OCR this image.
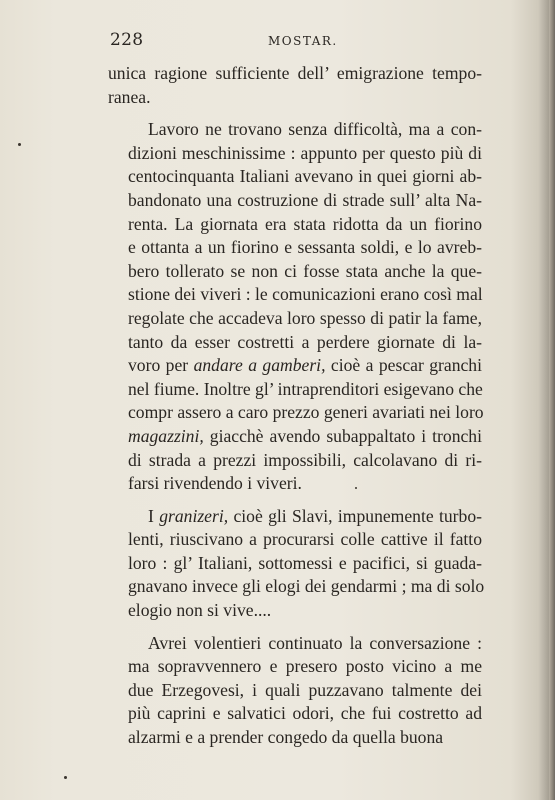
228	MOSTAR.
unica ragione sufficiente dell’ emigrazione tempo-
ranea.
Lavoro ne trovano senza difficoltà, ma a con-
dizioni meschinissime : appunto per questo più di
centocinquanta Italiani avevano in quei giorni ab-
bandonato una costruzione di strade sull’ alta Na-
renta. La giornata era stata ridotta da un fiorino
e ottanta a un fiorino e sessanta soldi, e lo avreb-
bero tollerato se non ci fosse stata anche la que-
stione dei viveri : le comunicazioni erano così mal
regolate che accadeva loro spesso di patir la fame,
tanto da esser costretti a perdere giornate di la-
voro per andare a gamberi, cioè a pescar granchi
nel fiume. Inoltre gl’ intraprenditori esigevano che
compr assero a caro prezzo generi avariati nei loro
magazzini, giacchè avendo subappaltato i tronchi
di strada a prezzi impossibili, calcolavano di ri-
farsi rivendendo i viveri.
I granizeri, cioè gli Slavi, impunemente turbo-
lenti, riuscivano a procurarsi colle cattive il fatto
loro : gl’ Italiani, sottomessi e pacifici, si guada-
gnavano invece gli elogi dei gendarmi ; ma di solo
elogio non si vive....
Avrei volentieri continuato la conversazione :
ma sopravvennero e presero posto vicino a me
due Erzegovesi, i quali puzzavano talmente dei
più caprini e salvatici odori, che fui costretto ad
alzarmi e a prender congedo da quella buona
